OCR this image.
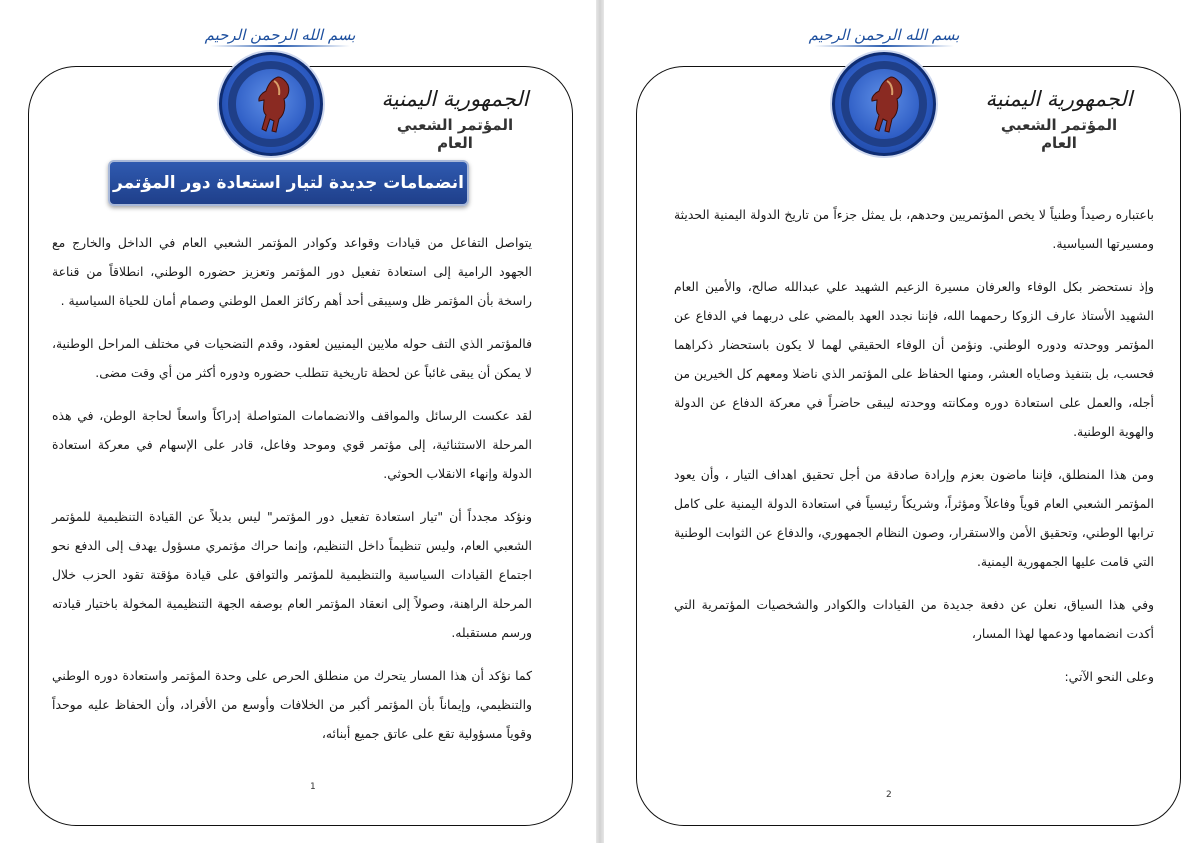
بسم الله الرحمن الرحيم
الجمهورية اليمنية
المؤتمر الشعبي العام
انضمامات جديدة لتيار استعادة دور المؤتمر

يتواصل التفاعل من قيادات وقواعد وكوادر المؤتمر الشعبي العام في الداخل والخارج مع الجهود الرامية إلى استعادة تفعيل دور المؤتمر وتعزيز حضوره الوطني، انطلاقاً من قناعة راسخة بأن المؤتمر ظل وسيبقى أحد أهم ركائز العمل الوطني وصمام أمان للحياة السياسية .

فالمؤتمر الذي التف حوله ملايين اليمنيين لعقود، وقدم التضحيات في مختلف المراحل الوطنية، لا يمكن أن يبقى غائباً عن لحظة تاريخية تتطلب حضوره ودوره أكثر من أي وقت مضى.

لقد عكست الرسائل والمواقف والانضمامات المتواصلة إدراكاً واسعاً لحاجة الوطن، في هذه المرحلة الاستثنائية، إلى مؤتمر قوي وموحد وفاعل، قادر على الإسهام في معركة استعادة الدولة وإنهاء الانقلاب الحوثي.

ونؤكد مجدداً أن "تيار استعادة تفعيل دور المؤتمر" ليس بديلاً عن القيادة التنظيمية للمؤتمر الشعبي العام، وليس تنظيماً داخل التنظيم، وإنما حراك مؤتمري مسؤول يهدف إلى الدفع نحو اجتماع القيادات السياسية والتنظيمية للمؤتمر والتوافق على قيادة مؤقتة تقود الحزب خلال المرحلة الراهنة، وصولاً إلى انعقاد المؤتمر العام بوصفه الجهة التنظيمية المخولة باختيار قيادته ورسم مستقبله.

كما نؤكد أن هذا المسار يتحرك من منطلق الحرص على وحدة المؤتمر واستعادة دوره الوطني والتنظيمي، وإيماناً بأن المؤتمر أكبر من الخلافات وأوسع من الأفراد، وأن الحفاظ عليه موحداً وقوياً مسؤولية تقع على عاتق جميع أبنائه،

1
بسم الله الرحمن الرحيم
الجمهورية اليمنية
المؤتمر الشعبي العام

باعتباره رصيداً وطنياً لا يخص المؤتمريين وحدهم، بل يمثل جزءاً من تاريخ الدولة اليمنية الحديثة ومسيرتها السياسية.

وإذ نستحضر بكل الوفاء والعرفان مسيرة الزعيم الشهيد علي عبدالله صالح، والأمين العام الشهيد الأستاذ عارف الزوكا رحمهما الله، فإننا نجدد العهد بالمضي على دربهما في الدفاع عن المؤتمر ووحدته ودوره الوطني. ونؤمن أن الوفاء الحقيقي لهما لا يكون باستحضار ذكراهما فحسب، بل بتنفيذ وصاياه العشر، ومنها الحفاظ على المؤتمر الذي ناضلا ومعهم كل الخيرين من أجله، والعمل على استعادة دوره ومكانته ووحدته ليبقى حاضراً في معركة الدفاع عن الدولة والهوية الوطنية.

ومن هذا المنطلق، فإننا ماضون بعزم وإرادة صادقة من أجل تحقيق اهداف التيار ، وأن يعود المؤتمر الشعبي العام قوياً وفاعلاً ومؤثراً، وشريكاً رئيسياً في استعادة الدولة اليمنية على كامل ترابها الوطني، وتحقيق الأمن والاستقرار، وصون النظام الجمهوري، والدفاع عن الثوابت الوطنية التي قامت عليها الجمهورية اليمنية.

وفي هذا السياق، نعلن عن دفعة جديدة من القيادات والكوادر والشخصيات المؤتمرية التي أكدت انضمامها ودعمها لهذا المسار،

وعلى النحو الآتي:

2
